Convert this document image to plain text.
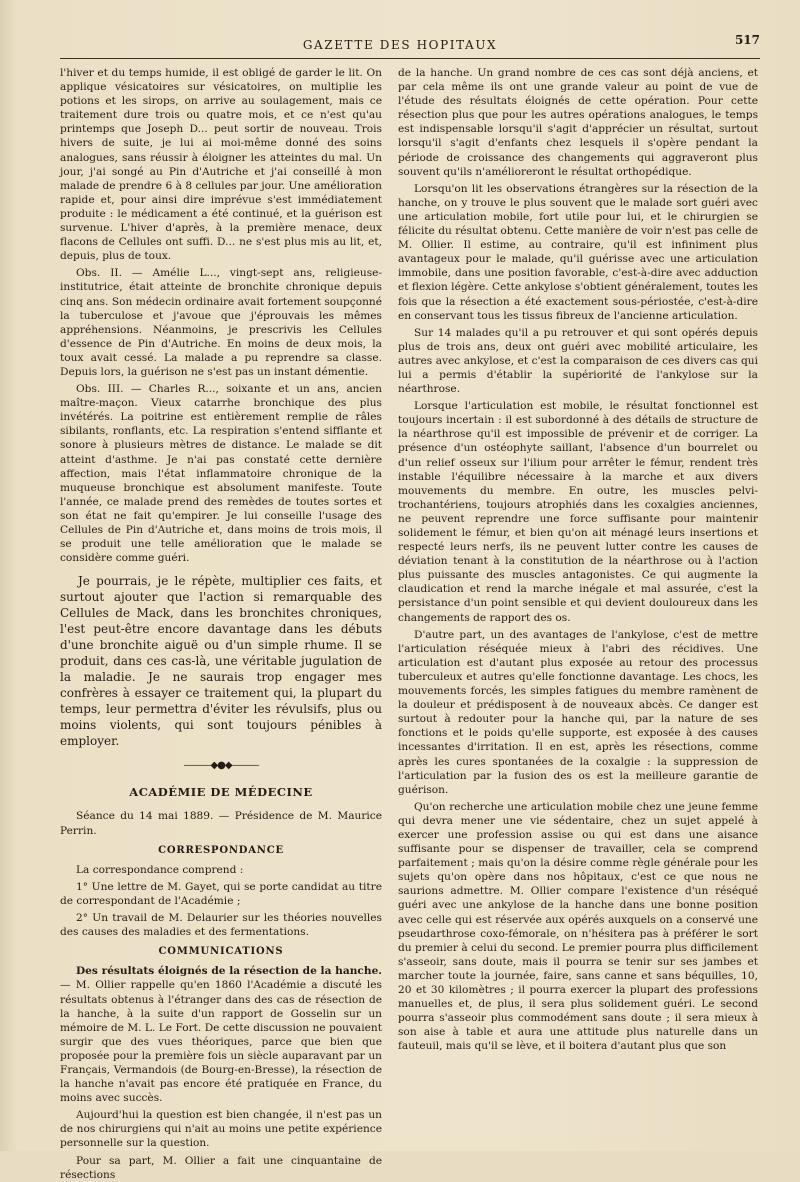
GAZETTE DES HOPITAUX	517

l'hiver et du temps humide, il est obligé de garder le lit. On applique vésicatoires sur vésicatoires, on multiplie les potions et les sirops, on arrive au soulagement, mais ce traitement dure trois ou quatre mois, et ce n'est qu'au printemps que Joseph D... peut sortir de nouveau. Trois hivers de suite, je lui ai moi-même donné des soins analogues, sans réussir à éloigner les atteintes du mal. Un jour, j'ai songé au Pin d'Autriche et j'ai conseillé à mon malade de prendre 6 à 8 cellules par jour. Une amélioration rapide et, pour ainsi dire imprévue s'est immédiatement produite : le médicament a été continué, et la guérison est survenue. L'hiver d'après, à la première menace, deux flacons de Cellules ont suffi. D... ne s'est plus mis au lit, et, depuis, plus de toux.

Obs. II. — Amélie L..., vingt-sept ans, religieuse-institutrice, était atteinte de bronchite chronique depuis cinq ans. Son médecin ordinaire avait fortement soupçonné la tuberculose et j'avoue que j'éprouvais les mêmes appréhensions. Néanmoins, je prescrivis les Cellules d'essence de Pin d'Autriche. En moins de deux mois, la toux avait cessé. La malade a pu reprendre sa classe. Depuis lors, la guérison ne s'est pas un instant démentie.

Obs. III. — Charles R..., soixante et un ans, ancien maître-maçon. Vieux catarrhe bronchique des plus invétérés. La poitrine est entièrement remplie de râles sibilants, ronflants, etc. La respiration s'entend sifflante et sonore à plusieurs mètres de distance. Le malade se dit atteint d'asthme. Je n'ai pas constaté cette dernière affection, mais l'état inflammatoire chronique de la muqueuse bronchique est absolument manifeste. Toute l'année, ce malade prend des remèdes de toutes sortes et son état ne fait qu'empirer. Je lui conseille l'usage des Cellules de Pin d'Autriche et, dans moins de trois mois, il se produit une telle amélioration que le malade se considère comme guéri.

Je pourrais, je le répète, multiplier ces faits, et surtout ajouter que l'action si remarquable des Cellules de Mack, dans les bronchites chroniques, l'est peut-être encore davantage dans les débuts d'une bronchite aiguë ou d'un simple rhume. Il se produit, dans ces cas-là, une véritable jugulation de la maladie. Je ne saurais trop engager mes confrères à essayer ce traitement qui, la plupart du temps, leur permettra d'éviter les révulsifs, plus ou moins violents, qui sont toujours pénibles à employer.

———◆●◆———
ACADÉMIE DE MÉDECINE

Séance du 14 mai 1889. — Présidence de M. Maurice Perrin.

CORRESPONDANCE

La correspondance comprend :

1° Une lettre de M. Gayet, qui se porte candidat au titre de correspondant de l'Académie ;

2° Un travail de M. Delaurier sur les théories nouvelles des causes des maladies et des fermentations.

COMMUNICATIONS

Des résultats éloignés de la résection de la hanche. — M. Ollier rappelle qu'en 1860 l'Académie a discuté les résultats obtenus à l'étranger dans des cas de résection de la hanche, à la suite d'un rapport de Gosselin sur un mémoire de M. L. Le Fort. De cette discussion ne pouvaient surgir que des vues théoriques, parce que bien que proposée pour la première fois un siècle auparavant par un Français, Vermandois (de Bourg-en-Bresse), la résection de la hanche n'avait pas encore été pratiquée en France, du moins avec succès.

Aujourd'hui la question est bien changée, il n'est pas un de nos chirurgiens qui n'ait au moins une petite expérience personnelle sur la question.

Pour sa part, M. Ollier a fait une cinquantaine de résections

de la hanche. Un grand nombre de ces cas sont déjà anciens, et par cela même ils ont une grande valeur au point de vue de l'étude des résultats éloignés de cette opération. Pour cette résection plus que pour les autres opérations analogues, le temps est indispensable lorsqu'il s'agit d'apprécier un résultat, surtout lorsqu'il s'agit d'enfants chez lesquels il s'opère pendant la période de croissance des changements qui aggraveront plus souvent qu'ils n'amélioreront le résultat orthopédique.

Lorsqu'on lit les observations étrangères sur la résection de la hanche, on y trouve le plus souvent que le malade sort guéri avec une articulation mobile, fort utile pour lui, et le chirurgien se félicite du résultat obtenu. Cette manière de voir n'est pas celle de M. Ollier. Il estime, au contraire, qu'il est infiniment plus avantageux pour le malade, qu'il guérisse avec une articulation immobile, dans une position favorable, c'est-à-dire avec adduction et flexion légère. Cette ankylose s'obtient généralement, toutes les fois que la résection a été exactement sous-périostée, c'est-à-dire en conservant tous les tissus fibreux de l'ancienne articulation.

Sur 14 malades qu'il a pu retrouver et qui sont opérés depuis plus de trois ans, deux ont guéri avec mobilité articulaire, les autres avec ankylose, et c'est la comparaison de ces divers cas qui lui a permis d'établir la supériorité de l'ankylose sur la néarthrose.

Lorsque l'articulation est mobile, le résultat fonctionnel est toujours incertain : il est subordonné à des détails de structure de la néarthrose qu'il est impossible de prévenir et de corriger. La présence d'un ostéophyte saillant, l'absence d'un bourrelet ou d'un relief osseux sur l'ilium pour arrêter le fémur, rendent très instable l'équilibre nécessaire à la marche et aux divers mouvements du membre. En outre, les muscles pelvi-trochantériens, toujours atrophiés dans les coxalgies anciennes, ne peuvent reprendre une force suffisante pour maintenir solidement le fémur, et bien qu'on ait ménagé leurs insertions et respecté leurs nerfs, ils ne peuvent lutter contre les causes de déviation tenant à la constitution de la néarthrose ou à l'action plus puissante des muscles antagonistes. Ce qui augmente la claudication et rend la marche inégale et mal assurée, c'est la persistance d'un point sensible et qui devient douloureux dans les changements de rapport des os.

D'autre part, un des avantages de l'ankylose, c'est de mettre l'articulation réséquée mieux à l'abri des récidives. Une articulation est d'autant plus exposée au retour des processus tuberculeux et autres qu'elle fonctionne davantage. Les chocs, les mouvements forcés, les simples fatigues du membre ramènent de la douleur et prédisposent à de nouveaux abcès. Ce danger est surtout à redouter pour la hanche qui, par la nature de ses fonctions et le poids qu'elle supporte, est exposée à des causes incessantes d'irritation. Il en est, après les résections, comme après les cures spontanées de la coxalgie : la suppression de l'articulation par la fusion des os est la meilleure garantie de guérison.

Qu'on recherche une articulation mobile chez une jeune femme qui devra mener une vie sédentaire, chez un sujet appelé à exercer une profession assise ou qui est dans une aisance suffisante pour se dispenser de travailler, cela se comprend parfaitement ; mais qu'on la désire comme règle générale pour les sujets qu'on opère dans nos hôpitaux, c'est ce que nous ne saurions admettre. M. Ollier compare l'existence d'un réséqué guéri avec une ankylose de la hanche dans une bonne position avec celle qui est réservée aux opérés auxquels on a conservé une pseudarthrose coxo-fémorale, on n'hésitera pas à préférer le sort du premier à celui du second. Le premier pourra plus difficilement s'asseoir, sans doute, mais il pourra se tenir sur ses jambes et marcher toute la journée, faire, sans canne et sans béquilles, 10, 20 et 30 kilomètres ; il pourra exercer la plupart des professions manuelles et, de plus, il sera plus solidement guéri. Le second pourra s'asseoir plus commodément sans doute ; il sera mieux à son aise à table et aura une attitude plus naturelle dans un fauteuil, mais qu'il se lève, et il boitera d'autant plus que son
